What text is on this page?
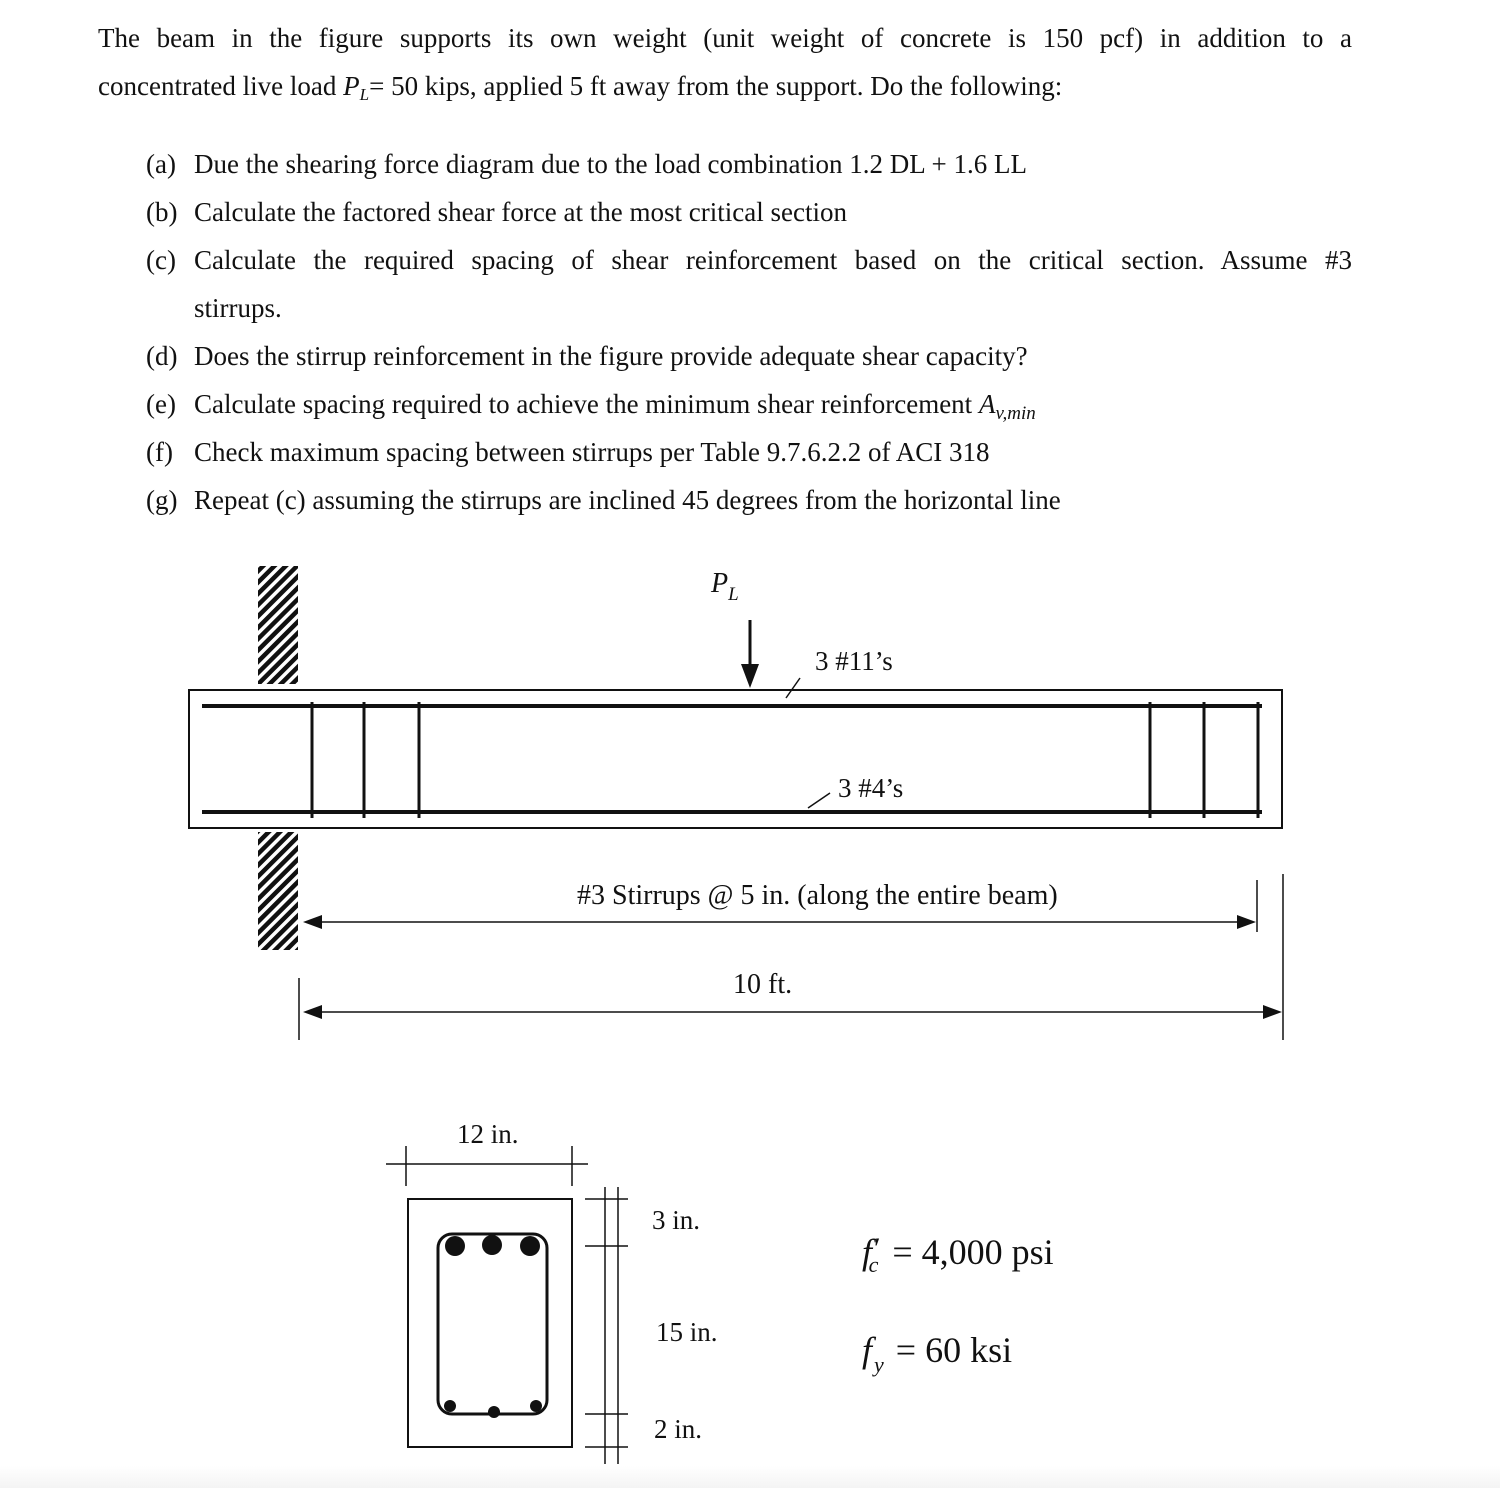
The beam in the figure supports its own weight (unit weight of concrete is 150 pcf) in addition to a
concentrated live load $P_L= 50$ kips, applied 5 ft away from the support. Do the following:
(a) Due the shearing force diagram due to the load combination 1.2 DL + 1.6 LL
(b) Calculate the factored shear force at the most critical section
(c) Calculate the required spacing of shear reinforcement based on the critical section. Assume #3
stirrups.
(d) Does the stirrup reinforcement in the figure provide adequate shear capacity?
(e) Calculate spacing required to achieve the minimum shear reinforcement $A_{v,min}$
(f) Check maximum spacing between stirrups per Table 9.7.6.2.2 of ACI 318
(g) Repeat (c) assuming the stirrups are inclined 45 degrees from the horizontal line
$P_L$
3 #11’s
3 #4’s
#3 Stirrups @ 5 in. (along the entire beam)
10 ft.
12 in.
3 in.
15 in.
2 in.
f′c = 4,000 psi
$f_y = 60$ ksi
